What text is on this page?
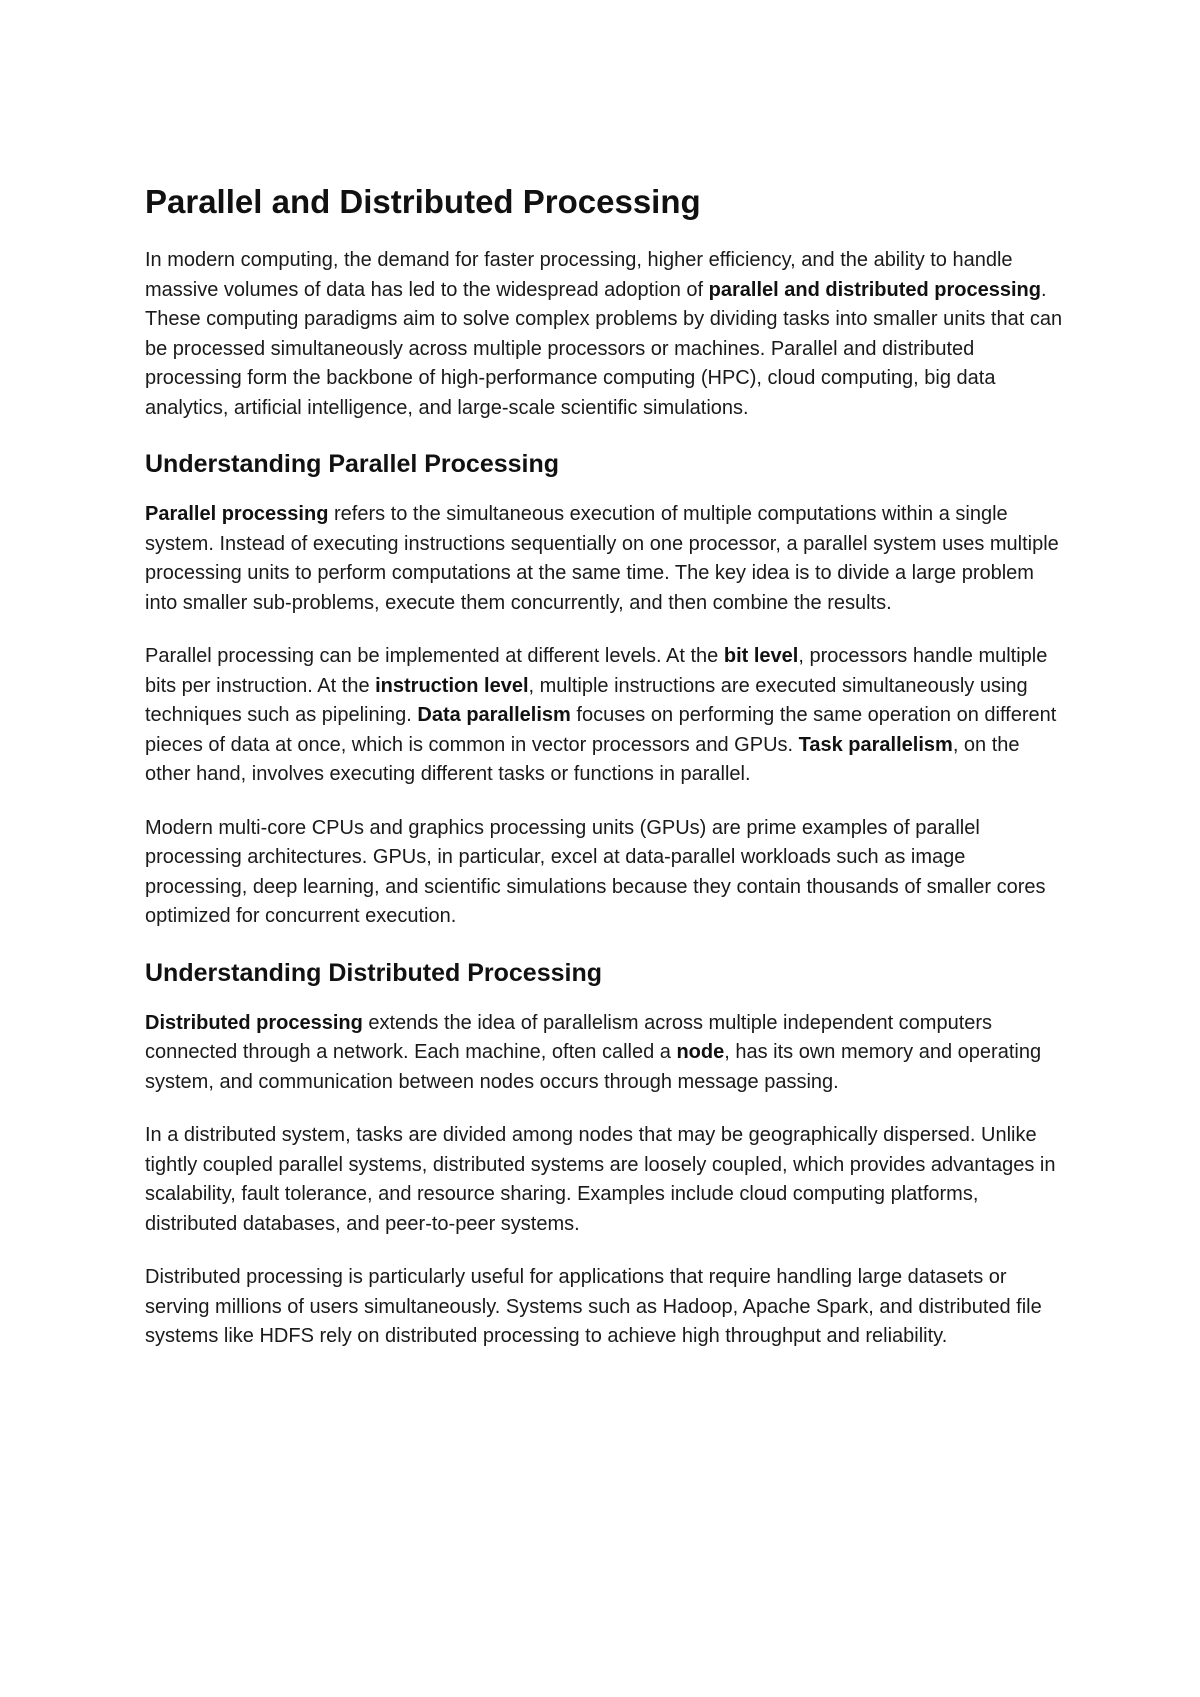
Parallel and Distributed Processing

In modern computing, the demand for faster processing, higher efficiency, and the ability to handle massive volumes of data has led to the widespread adoption of parallel and distributed processing. These computing paradigms aim to solve complex problems by dividing tasks into smaller units that can be processed simultaneously across multiple processors or machines. Parallel and distributed processing form the backbone of high-performance computing (HPC), cloud computing, big data analytics, artificial intelligence, and large-scale scientific simulations.

Understanding Parallel Processing

Parallel processing refers to the simultaneous execution of multiple computations within a single system. Instead of executing instructions sequentially on one processor, a parallel system uses multiple processing units to perform computations at the same time. The key idea is to divide a large problem into smaller sub-problems, execute them concurrently, and then combine the results.

Parallel processing can be implemented at different levels. At the bit level, processors handle multiple bits per instruction. At the instruction level, multiple instructions are executed simultaneously using techniques such as pipelining. Data parallelism focuses on performing the same operation on different pieces of data at once, which is common in vector processors and GPUs. Task parallelism, on the other hand, involves executing different tasks or functions in parallel.

Modern multi-core CPUs and graphics processing units (GPUs) are prime examples of parallel processing architectures. GPUs, in particular, excel at data-parallel workloads such as image processing, deep learning, and scientific simulations because they contain thousands of smaller cores optimized for concurrent execution.

Understanding Distributed Processing

Distributed processing extends the idea of parallelism across multiple independent computers connected through a network. Each machine, often called a node, has its own memory and operating system, and communication between nodes occurs through message passing.

In a distributed system, tasks are divided among nodes that may be geographically dispersed. Unlike tightly coupled parallel systems, distributed systems are loosely coupled, which provides advantages in scalability, fault tolerance, and resource sharing. Examples include cloud computing platforms, distributed databases, and peer-to-peer systems.

Distributed processing is particularly useful for applications that require handling large datasets or serving millions of users simultaneously. Systems such as Hadoop, Apache Spark, and distributed file systems like HDFS rely on distributed processing to achieve high throughput and reliability.
